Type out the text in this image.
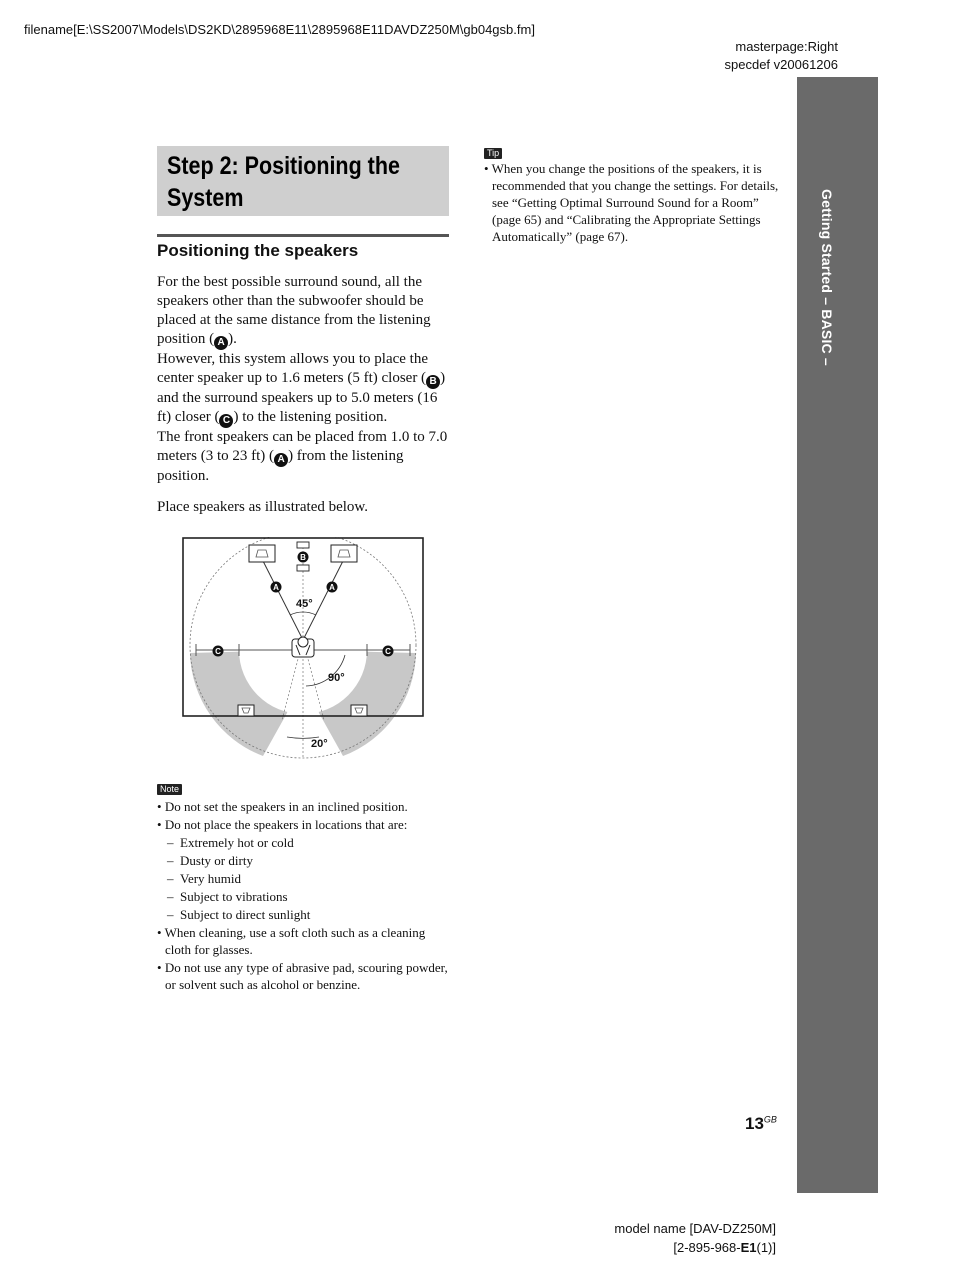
filename[E:\SS2007\Models\DS2KD\2895968E11\2895968E11DAVDZ250M\gb04gsb.fm]
masterpage:Right
specdef v20061206
Getting Started – BASIC –
Step 2: Positioning the System
Positioning the speakers

For the best possible surround sound, all the speakers other than the subwoofer should be placed at the same distance from the listening position ( A ).

However, this system allows you to place the center speaker up to 1.6 meters (5 ft) closer ( B ) and the surround speakers up to 5.0 meters (16 ft) closer ( C ) to the listening position.

The front speakers can be placed from 1.0 to 7.0 meters (3 to 23 ft) ( A ) from the listening position.

Place speakers as illustrated below.
B
A	A
C	C
45°
90°
20°
Note
• Do not set the speakers in an inclined position.
• Do not place the speakers in locations that are:
– Extremely hot or cold
– Dusty or dirty
– Very humid
– Subject to vibrations
– Subject to direct sunlight
• When cleaning, use a soft cloth such as a cleaning cloth for glasses.
• Do not use any type of abrasive pad, scouring powder, or solvent such as alcohol or benzine.
Tip
• When you change the positions of the speakers, it is recommended that you change the settings. For details, see “Getting Optimal Surround Sound for a Room” (page 65) and “Calibrating the Appropriate Settings Automatically” (page 67).
$13^{GB}$
model name [DAV-DZ250M]
[2-895-968-E1(1)]
